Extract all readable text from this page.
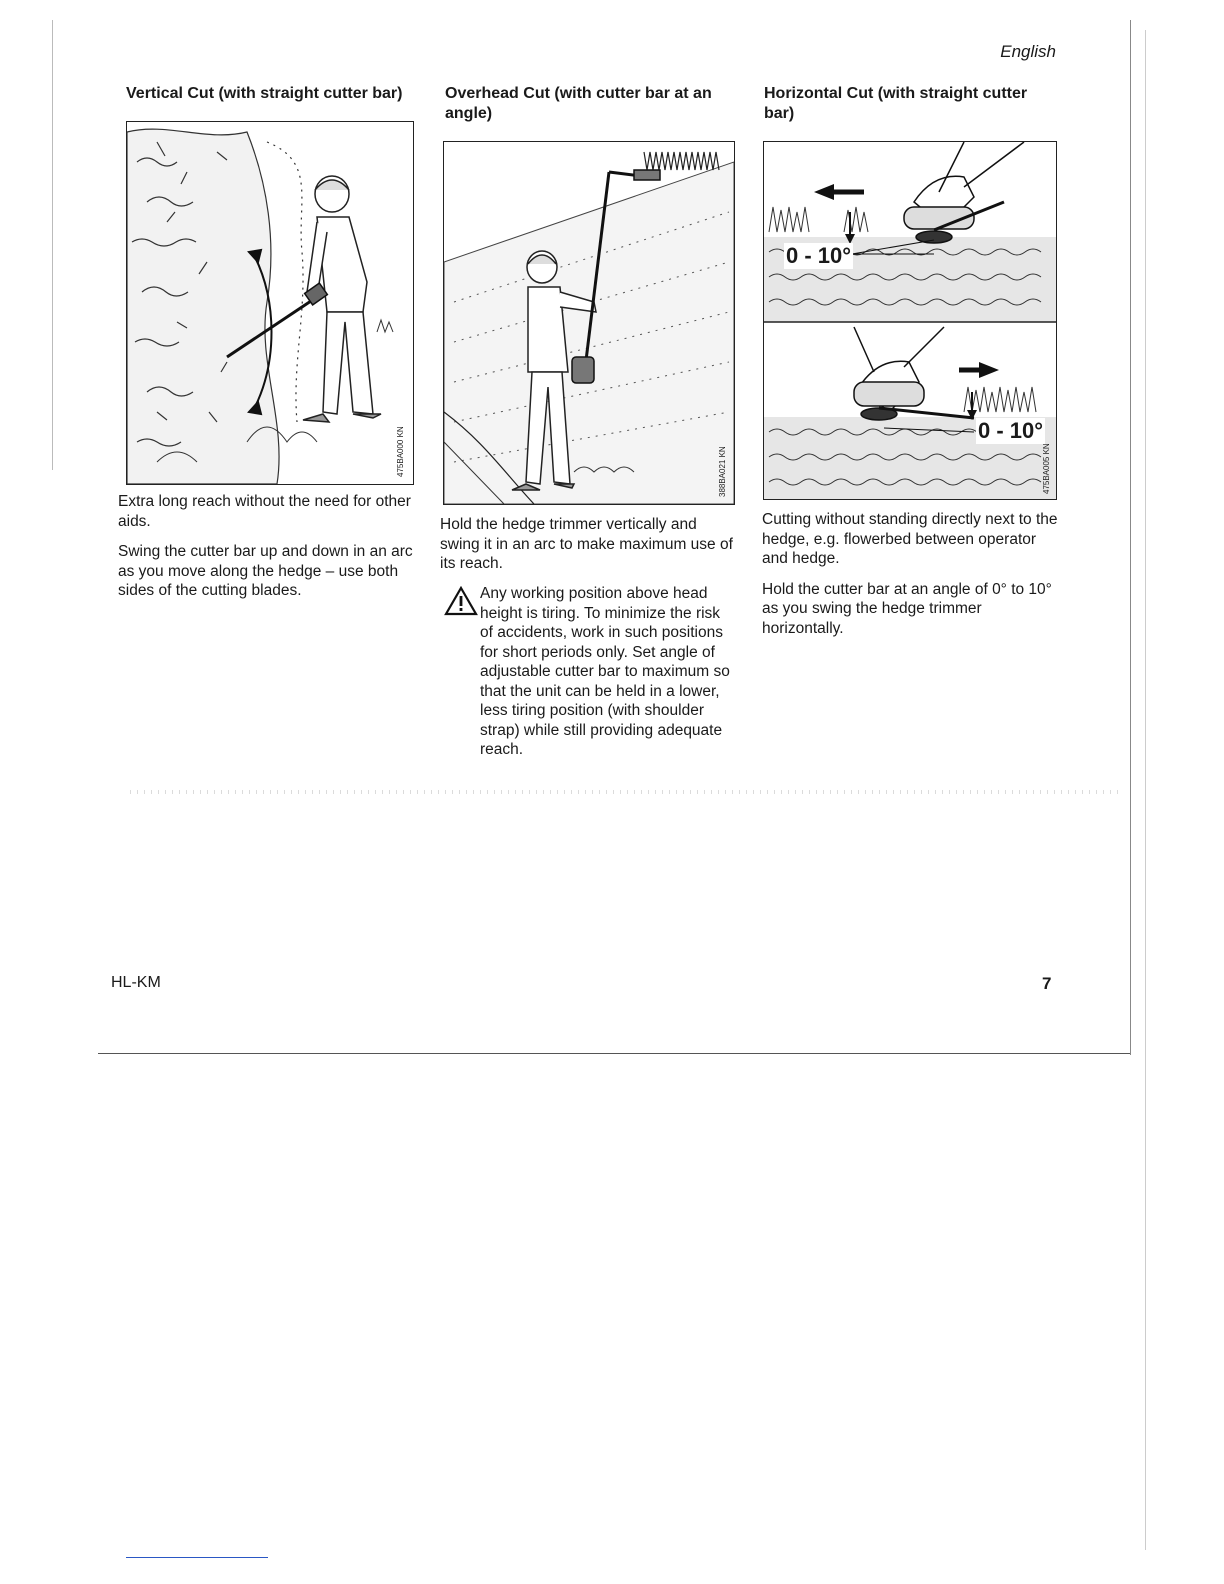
English
Vertical Cut (with straight cutter bar)
475BA000 KN

Extra long reach without the need for other aids.

Swing the cutter bar up and down in an arc as you move along the hedge – use both sides of the cutting blades.

Overhead Cut (with cutter bar at an angle)
388BA021 KN

Hold the hedge trimmer vertically and swing it in an arc to make maximum use of its reach.

Any working position above head height is tiring. To minimize the risk of accidents, work in such positions for short periods only. Set angle of adjustable cutter bar to maximum so that the unit can be held in a lower, less tiring position (with shoulder strap) while still providing adequate reach.
Horizontal Cut (with straight cutter bar)
0 - 10°
0 - 10°
475BA005 KN

Cutting without standing directly next to the hedge, e.g. flowerbed between operator and hedge.

Hold the cutter bar at an angle of 0° to 10° as you swing the hedge trimmer horizontally.

HL-KM	7
